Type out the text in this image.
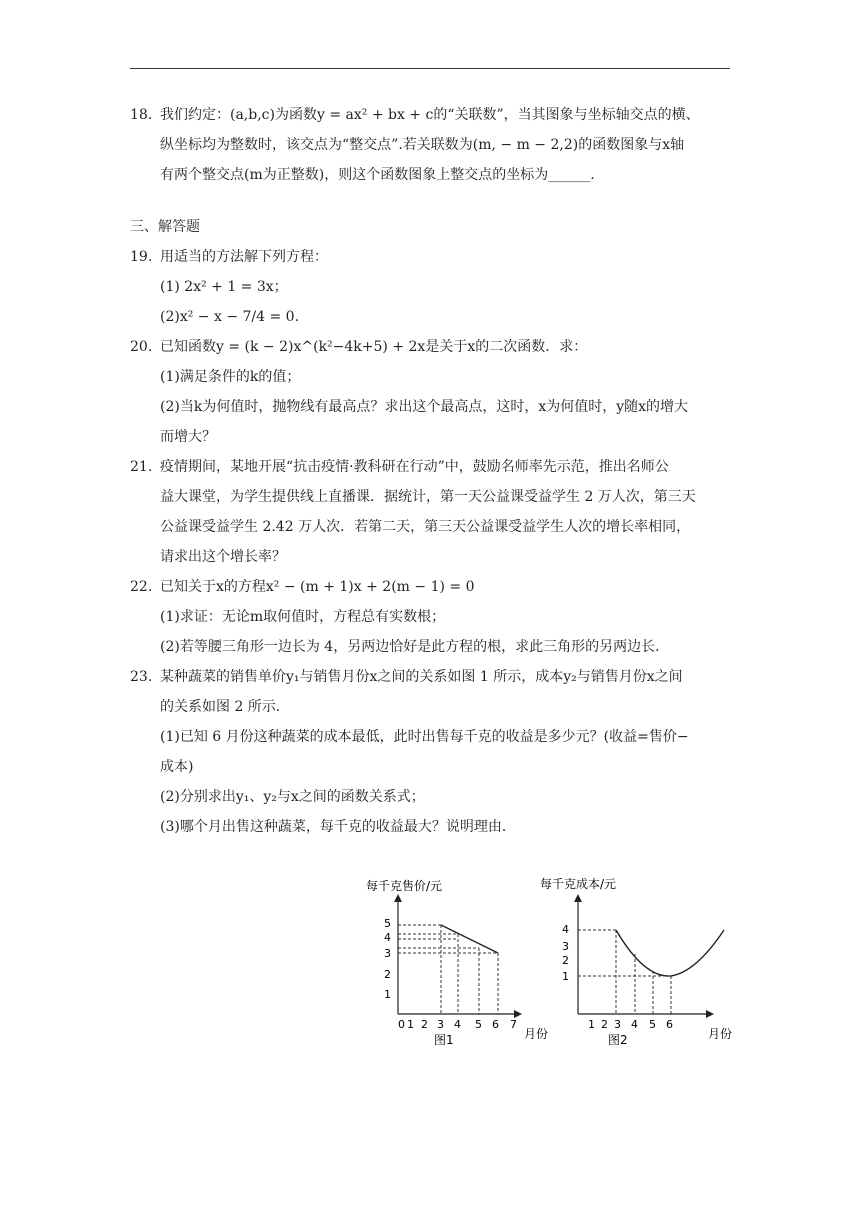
18. 我们约定：(a,b,c)为函数y = ax² + bx + c的“关联数”，当其图象与坐标轴交点的横、
纵坐标均为整数时，该交点为“整交点”.若关联数为(m, − m − 2,2)的函数图象与x轴
有两个整交点(m为正整数)，则这个函数图象上整交点的坐标为______.
三、解答题
19. 用适当的方法解下列方程：
(1) 2x² + 1 = 3x；
(2)x² − x − 7/4 = 0.
20. 已知函数y = (k − 2)x^(k²−4k+5) + 2x是关于x的二次函数．求：
(1)满足条件的k的值；
(2)当k为何值时，抛物线有最高点？求出这个最高点，这时，x为何值时，y随x的增大
而增大？
21. 疫情期间，某地开展“抗击疫情·教科研在行动”中，鼓励名师率先示范，推出名师公
益大课堂，为学生提供线上直播课．据统计，第一天公益课受益学生 2 万人次，第三天
公益课受益学生 2.42 万人次．若第二天，第三天公益课受益学生人次的增长率相同，
请求出这个增长率？
22. 已知关于x的方程x² − (m + 1)x + 2(m − 1) = 0
(1)求证：无论m取何值时，方程总有实数根；
(2)若等腰三角形一边长为 4，另两边恰好是此方程的根，求此三角形的另两边长．
23. 某种蔬菜的销售单价y₁与销售月份x之间的关系如图 1 所示，成本y₂与销售月份x之间
的关系如图 2 所示．
(1)已知 6 月份这种蔬菜的成本最低，此时出售每千克的收益是多少元？(收益=售价−
成本)
(2)分别求出y₁、y₂与x之间的函数关系式；
(3)哪个月出售这种蔬菜，每千克的收益最大？说明理由．
每千克售价/元
1
2
3
4
5
0 1 2 3 4 5 6 7
月份
图1
每千克成本/元
1
2
3
4
1 2 3 4 5 6
月份
图2
